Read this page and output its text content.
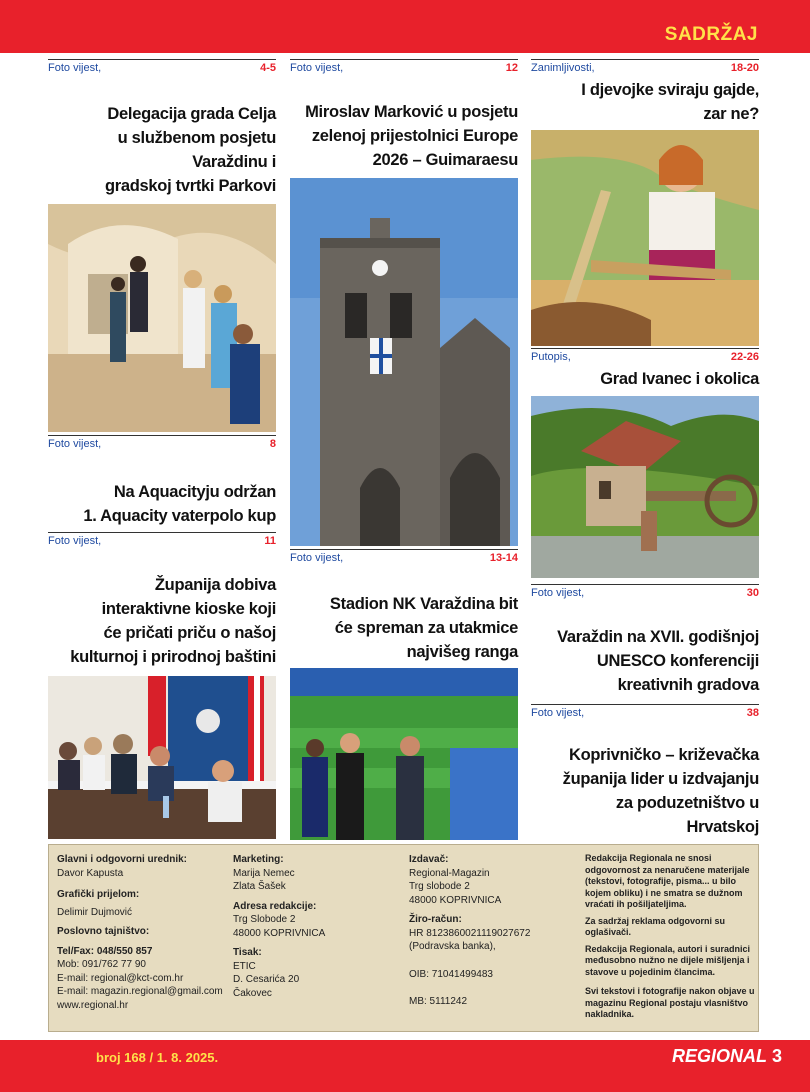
SADRŽAJ
Foto vijest,	4-5
Delegacija grada Celja
u službenom posjetu
Varaždinu i
gradskoj tvrtki Parkovi
Foto vijest,	8
Na Aquacityju održan
1. Aquacity vaterpolo kup
Foto vijest,	11
Županija dobiva
interaktivne kioske koji
će pričati priču o našoj
kulturnoj i prirodnoj baštini
Foto vijest,	12
Miroslav Marković u posjetu
zelenoj prijestolnici Europe
2026 – Guimaraesu
Foto vijest,	13-14
Stadion NK Varaždina bit
će spreman za utakmice
najvišeg ranga
Zanimljivosti,	18-20
I djevojke sviraju gajde,
zar ne?
Putopis,	22-26
Grad Ivanec i okolica
Foto vijest,	30
Varaždin na XVII. godišnjoj
UNESCO konferenciji
kreativnih gradova
Foto vijest,	38
Koprivničko – križevačka
županija lider u izdvajanju
za poduzetništvo u
Hrvatskoj
Glavni i odgovorni urednik:
Davor Kapusta
Grafički prijelom:
Delimir Dujmović
Poslovno tajništvo:
Tel/Fax: 048/550 857
Mob: 091/762 77 90
E-mail: regional@kct-com.hr
E-mail: magazin.regional@gmail.com
www.regional.hr
Marketing:
Marija Nemec
Zlata Šašek
Adresa redakcije:
Trg Slobode 2
48000 KOPRIVNICA
Tisak:
ETIC
D. Cesarića 20
Čakovec
Izdavač:
Regional-Magazin
Trg slobode 2
48000 KOPRIVNICA
Žiro-račun:
HR 8123860021119027672
(Podravska banka),
OIB: 71041499483
MB: 5111242
Redakcija Regionala ne snosi odgovornost za nenaručene materijale (tekstovi, fotografije, pisma... u bilo kojem obliku) i ne smatra se dužnom vraćati ih pošiljateljima.
Za sadržaj reklama odgovorni su oglašivači.
Redakcija Regionala, autori i suradnici međusobno nužno ne dijele mišljenja i stavove u pojedinim člancima.
Svi tekstovi i fotografije nakon objave u magazinu Regional postaju vlasništvo nakladnika.
broj 168 / 1. 8. 2025.	REGIONAL 3
